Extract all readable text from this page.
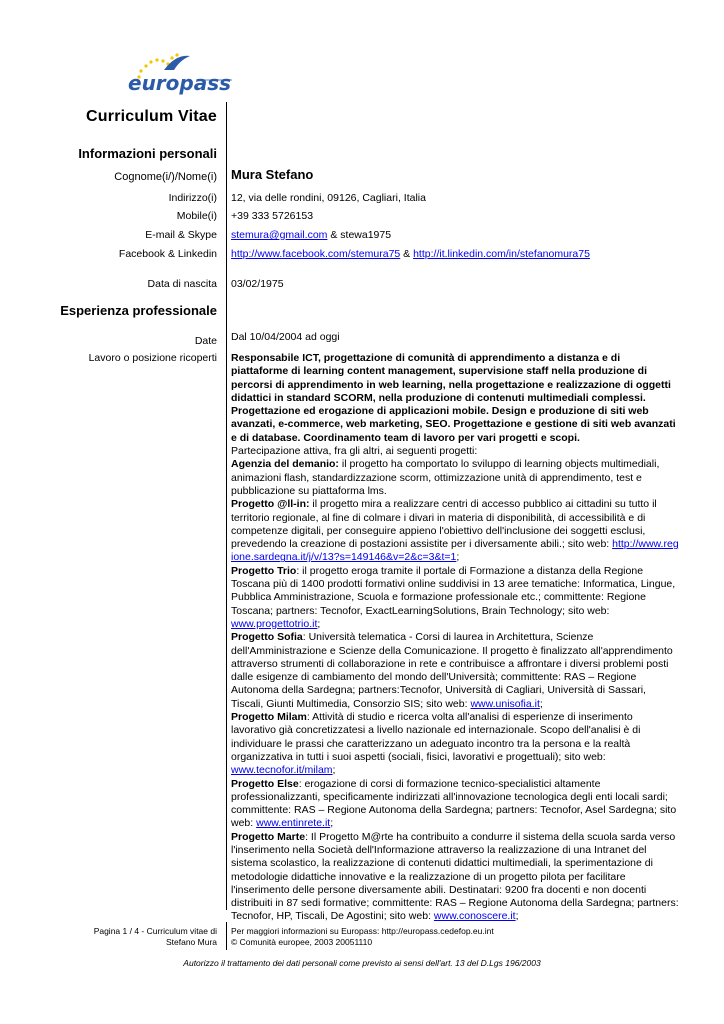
europass
Curriculum Vitae
Informazioni personali
Cognome(i/)/Nome(i) Mura Stefano
Indirizzo(i) 12, via delle rondini, 09126, Cagliari, Italia
Mobile(i) +39 333 5726153
E-mail & Skype stemura@gmail.com & stewa1975
Facebook & Linkedin http://www.facebook.com/stemura75 & http://it.linkedin.com/in/stefanomura75
Data di nascita 03/02/1975
Esperienza professionale
Date Dal 10/04/2004 ad oggi
Lavoro o posizione ricoperti Responsabile ICT, progettazione di comunità di apprendimento a distanza e di piattaforme di learning content management, supervisione staff nella produzione di percorsi di apprendimento in web learning, nella progettazione e realizzazione di oggetti didattici in standard SCORM, nella produzione di contenuti multimediali complessi. Progettazione ed erogazione di applicazioni mobile. Design e produzione di siti web avanzati, e-commerce, web marketing, SEO. Progettazione e gestione di siti web avanzati e di database. Coordinamento team di lavoro per vari progetti e scopi.

Partecipazione attiva, fra gli altri, ai seguenti progetti:

Agenzia del demanio: il progetto ha comportato lo sviluppo di learning objects multimediali, animazioni flash, standardizzazione scorm, ottimizzazione unità di apprendimento, test e pubblicazione su piattaforma lms.

Progetto @ll-in: il progetto mira a realizzare centri di accesso pubblico ai cittadini su tutto il territorio regionale, al fine di colmare i divari in materia di disponibilità, di accessibilità e di competenze digitali, per conseguire appieno l'obiettivo dell'inclusione dei soggetti esclusi, prevedendo la creazione di postazioni assistite per i diversamente abili.; sito web: http://www.regione.sardegna.it/j/v/13?s=149146&v=2&c=3&t=1;

Progetto Trio: il progetto eroga tramite il portale di Formazione a distanza della Regione Toscana più di 1400 prodotti formativi online suddivisi in 13 aree tematiche: Informatica, Lingue, Pubblica Amministrazione, Scuola e formazione professionale etc.; committente: Regione Toscana; partners: Tecnofor, ExactLearningSolutions, Brain Technology; sito web: www.progettotrio.it;

Progetto Sofia: Università telematica - Corsi di laurea in Architettura, Scienze dell'Amministrazione e Scienze della Comunicazione. Il progetto è finalizzato all'apprendimento attraverso strumenti di collaborazione in rete e contribuisce a affrontare i diversi problemi posti dalle esigenze di cambiamento del mondo dell'Università; committente: RAS – Regione Autonoma della Sardegna; partners:Tecnofor, Università di Cagliari, Università di Sassari, Tiscali, Giunti Multimedia, Consorzio SIS; sito web: www.unisofia.it;

Progetto Milam: Attività di studio e ricerca volta all'analisi di esperienze di inserimento lavorativo già concretizzatesi a livello nazionale ed internazionale. Scopo dell'analisi è di individuare le prassi che caratterizzano un adeguato incontro tra la persona e la realtà organizzativa in tutti i suoi aspetti (sociali, fisici, lavorativi e progettuali); sito web: www.tecnofor.it/milam;

Progetto Else: erogazione di corsi di formazione tecnico-specialistici altamente professionalizzanti, specificamente indirizzati all'innovazione tecnologica degli enti locali sardi; committente: RAS – Regione Autonoma della Sardegna; partners: Tecnofor, Asel Sardegna; sito web: www.entinrete.it;

Progetto Marte: Il Progetto M@rte ha contribuito a condurre il sistema della scuola sarda verso l'inserimento nella Società dell'Informazione attraverso la realizzazione di una Intranet del sistema scolastico, la realizzazione di contenuti didattici multimediali, la sperimentazione di metodologie didattiche innovative e la realizzazione di un progetto pilota per facilitare l'inserimento delle persone diversamente abili. Destinatari: 9200 fra docenti e non docenti distribuiti in 87 sedi formative; committente: RAS – Regione Autonoma della Sardegna; partners: Tecnofor, HP, Tiscali, De Agostini; sito web: www.conoscere.it;

Pagina 1 / 4 - Curriculum vitae di
Stefano Mura
Per maggiori informazioni su Europass: http://europass.cedefop.eu.int
© Comunità europee, 2003 20051110
Autorizzo il trattamento dei dati personali come previsto ai sensi dell'art. 13 del D.Lgs 196/2003
